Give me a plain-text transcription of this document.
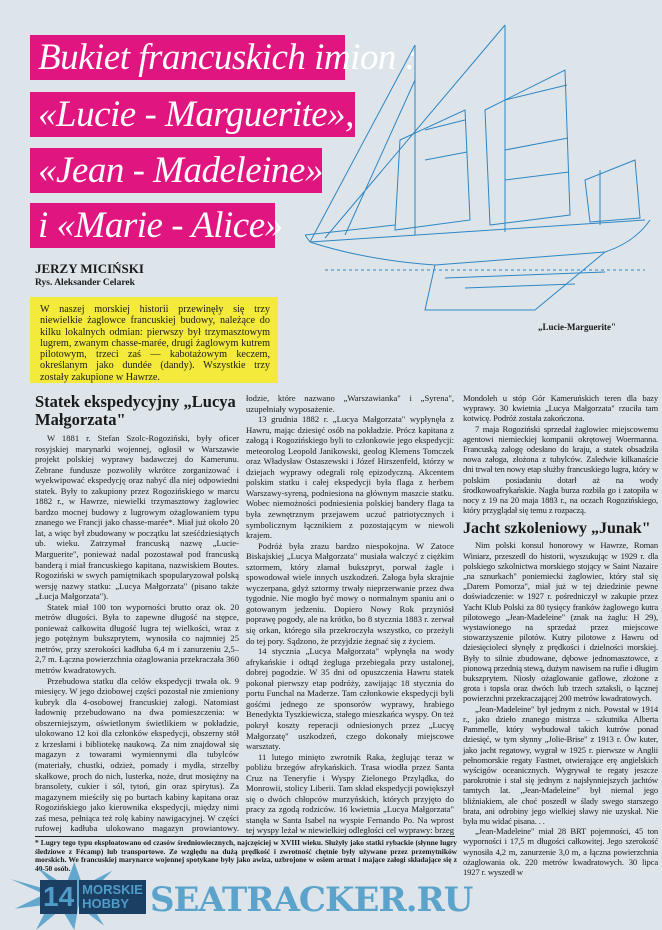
Bukiet francuskich imion :
«Lucie - Marguerite»,
«Jean - Madeleine»
i «Marie - Alice»
„Lucie-Marguerite"
JERZY MICIŃSKI
Rys. Aleksander Celarek
W naszej morskiej historii przewinęły się trzy niewielkie żaglowce francuskiej budowy, należące do kilku lokalnych odmian: pierwszy był trzymasztowym lugrem, zwanym chasse-marée, drugi żaglowym kutrem pilotowym, trzeci zaś — kabotażowym keczem, określanym jako dundée (dandy). Wszystkie trzy zostały zakupione w Hawrze.
Statek ekspedycyjny „Lucya Małgorzata"

W 1881 r. Stefan Szolc-Rogoziński, były oficer rosyjskiej marynarki wojennej, ogłosił w Warszawie projekt polskiej wyprawy badawczej do Kamerunu. Zebrane fundusze pozwoliły wkrótce zorganizować i wyekwipować ekspedycję oraz nabyć dla niej odpowiedni statek. Były to zakupiony przez Rogozińskiego w marcu 1882 r., w Hawrze, niewielki trzymasztowy żaglowiec bardzo mocnej budowy z lugrowym ożaglowaniem typu znanego we Francji jako chasse-marée*. Miał już około 20 lat, a więc był zbudowany w początku lat sześćdziesiątych ub. wieku. Zatrzymał francuską nazwę „Lucie-Marguerite", ponieważ nadal pozostawał pod francuską banderą i miał francuskiego kapitana, nazwiskiem Boutes. Rogoziński w swych pamiętnikach spopularyzował polską wersję nazwy statku: „Lucya Małgorzata" (pisano także „Łucja Małgorzata").

Statek miał 100 ton wyporności brutto oraz ok. 20 metrów długości. Była to zapewne długość na stępce, ponieważ całkowita długość lugra tej wielkości, wraz z jego potężnym bukszprytem, wynosiła co najmniej 25 metrów, przy szerokości kadłuba 6,4 m i zanurzeniu 2,5–2,7 m. Łączna powierzchnia ożaglowania przekraczała 360 metrów kwadratowych.

Przebudowa statku dla celów ekspedycji trwała ok. 9 miesięcy. W jego dziobowej części pozostał nie zmieniony kubryk dla 4-osobowej francuskiej załogi. Natomiast ładownię przebudowano na dwa pomieszczenia: w obszerniejszym, oświetlonym świetlikiem w pokładzie, ulokowano 12 koi dla członków ekspedycji, obszerny stół z krzesłami i bibliotekę naukową. Za nim znajdował się magazyn z towarami wymiennymi dla tubylców (materiały, chustki, odzież, pomady i mydła, strzelby skałkowe, proch do nich, lusterka, noże, drut mosiężny na bransolety, cukier i sól, tytoń, gin oraz spirytus). Za magazynem mieściły się po burtach kabiny kapitana oraz Rogozińskiego jako kierownika ekspedycji, między nimi zaś mesa, pełniąca też rolę kabiny nawigacyjnej. W części rufowej kadłuba ulokowano magazyn prowiantowy.

łodzie, które nazwano „Warszawianka" i „Syrena", uzupełniały wyposażenie.

13 grudnia 1882 r. „Lucya Małgorzata" wypłynęła z Hawru, mając dziesięć osób na pokładzie. Prócz kapitana z załogą i Rogozińskiego byli to członkowie jego ekspedycji: meteorolog Leopold Janikowski, geolog Klemens Tomczek oraz Władysław Ostaszewski i Józef Hirszenfeld, którzy w dziejach wyprawy odegrali rolę epizodyczną. Akcentem polskim statku i całej ekspedycji była flaga z herbem Warszawy-syreną, podniesiona na głównym maszcie statku. Wobec niemożności podniesienia polskiej bandery flaga ta była zewnętrznym przejawem uczuć patriotycznych i symbolicznym łącznikiem z pozostającym w niewoli krajem.

Podróż była zrazu bardzo niespokojna. W Zatoce Biskajskiej „Lucya Małgorzata" musiała walczyć z ciężkim sztormem, który złamał bukszpryt, porwał żagle i spowodował wiele innych uszkodzeń. Załoga była skrajnie wyczerpana, gdyż sztormy trwały nieprzerwanie przez dwa tygodnie. Nie mogło być mowy o normalnym spaniu ani o gotowanym jedzeniu. Dopiero Nowy Rok przyniósł poprawę pogody, ale na krótko, bo 8 stycznia 1883 r. zerwał się orkan, którego siła przekroczyła wszystko, co przeżyli do tej pory. Sądzono, że przyjdzie żegnać się z życiem.

14 stycznia „Lucya Małgorzata" wpłynęła na wody afrykańskie i odtąd żegluga przebiegała przy ustalonej, dobrej pogodzie. W 35 dni od opuszczenia Hawru statek pokonał pierwszy etap podróży, zawijając 18 stycznia do portu Funchal na Maderze. Tam członkowie ekspedycji byli gośćmi jednego ze sponsorów wyprawy, hrabiego Benedykta Tyszkiewicza, stałego mieszkańca wyspy. On też pokrył koszty reperacji odniesionych przez „Lucyę Małgorzatę" uszkodzeń, czego dokonały miejscowe warsztaty.

11 lutego minięto zwrotnik Raka, żeglując teraz w pobliżu brzegów afrykańskich. Trasa wiodła przez Santa Cruz na Teneryfie i Wyspy Zielonego Przylądka, do Monrowii, stolicy Liberii. Tam skład ekspedycji powiększył się o dwóch chłopców murzyńskich, których przyjęto do pracy za zgodą rodziców. 16 kwietnia „Lucya Małgorzata" stanęła w Santa Isabel na wyspie Fernando Po. Na wprost tej wyspy leżał w niewielkiej odległości cel wyprawy: brzeg

Mondoleh u stóp Gór Kameruńskich teren dla bazy wyprawy. 30 kwietnia „Lucya Małgorzata" rzuciła tam kotwicę. Podróż została zakończona.

7 maja Rogoziński sprzedał żaglowiec miejscowemu agentowi niemieckiej kompanii okrętowej Woermanna. Francuską załogę odesłano do kraju, a statek obsadziła nowa załoga, złożona z tubylców. Zaledwie kilkanaście dni trwał ten nowy etap służby francuskiego lugra, który w polskim posiadaniu dotarł aż na wody środkowoafrykańskie. Nagła burza rozbiła go i zatopiła w nocy z 19 na 20 maja 1883 r., na oczach Rogozińskiego, który przyglądał się temu z rozpaczą.

Jacht szkoleniowy „Junak"

Nim polski konsul honorowy w Hawrze, Roman Winiarz, przeszedł do historii, wyszukując w 1929 r. dla polskiego szkolnictwa morskiego stojący w Saint Nazaire „na sznurkach" poniemiecki żaglowiec, który stał się „Darem Pomorza", miał już w tej dziedzinie pewne doświadczenie: w 1927 r. pośredniczył w zakupie przez Yacht Klub Polski za 80 tysięcy franków żaglowego kutra pilotowego „Jean-Madeleine" (znak na żaglu: H 29), wystawionego na sprzedaż przez miejscowe stowarzyszenie pilotów. Kutry pilotowe z Hawru od dziesięcioleci słynęły z prędkości i dzielności morskiej. Były to silnie zbudowane, dębowe jednomasztowce, z pionową przednią stewą, dużym nawisem na rufie i długim bukszprytem. Niosły ożaglowanie gaflowe, złożone z grota i topsla oraz dwóch lub trzech sztaksli, o łącznej powierzchni przekraczającej 200 metrów kwadratowych.

„Jean-Madeleine" był jednym z nich. Powstał w 1914 r., jako dzieło znanego mistrza – szkutnika Alberta Pammelle, który wybudował takich kutrów ponad dziesięć, w tym słynny „Jolie-Brise" z 1913 r. Ów kuter, jako jacht regatowy, wygrał w 1925 r. pierwsze w Anglii pełnomorskie regaty Fastnet, otwierające erę angielskich wyścigów oceanicznych. Wygrywał te regaty jeszcze parokrotnie i stał się jednym z najsłynniejszych jachtów tamtych lat. „Jean-Madeleine" był niemal jego bliźniakiem, ale choć poszedł w ślady swego starszego brata, ani odrobiny jego wielkiej sławy nie uzyskał. Nie była mu widać pisana. . .

„Jean-Madeleine" miał 28 BRT pojemności, 45 ton wyporności i 17,5 m długości całkowitej. Jego szerokość wynosiła 4,2 m, zanurzenie 3,0 m, a łączna powierzchnia ożaglowania ok. 220 metrów kwadratowych. 30 lipca 1927 r. wyszedł w

* Lugry tego typu eksploatowano od czasów średniowiecznych, najczęściej w XVIII wieku. Służyły jako statki rybackie (słynne lugry śledziowe z Fécamp) lub transportowe. Ze względu na dużą prędkość i zwrotność chętnie były używane przez przemytników morskich. We francuskiej marynarce wojennej spotykane były jako awiza, uzbrojone w osiem armat i mające załogi składające się z 40-50 osób.
SEATRACKER.RU
14 MORSKIE
HOBBY
